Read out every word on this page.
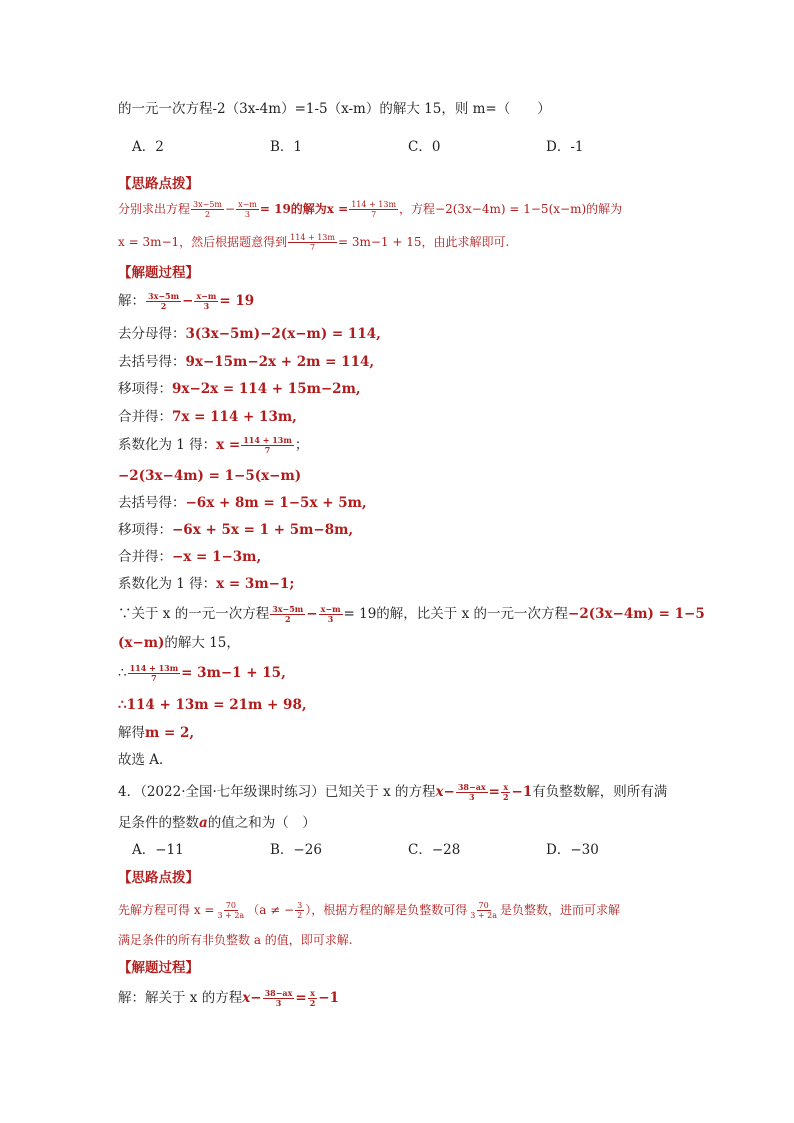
的一元一次方程-2（3x-4m）=1-5（x-m）的解大 15，则 m=（　　）
A．2	B．1	C．0	D．-1
【思路点拨】
分别求出方程 $\frac{3x-5m}{2} - \frac{x-m}{3} = 19$的解为$x = \frac{114 + 13m}{7}$ ，方程−2(3x−4m) = 1−5(x−m)的解为
x = 3m−1，然后根据题意得到 $\frac{114 + 13m}{7} = 3m-1 + 15$，由此求解即可.
【解题过程】
解： $\frac{3x-5m}{2} - \frac{x-m}{3} = 19$
去分母得：3(3x−5m)−2(x−m) = 114,
去括号得：9x−15m−2x + 2m = 114,
移项得：9x−2x = 114 + 15m−2m,
合并得：7x = 114 + 13m,
系数化为 1 得：$x = \frac{114 + 13m}{7}$ ；
−2(3x−4m) = 1−5(x−m)
去括号得：−6x + 8m = 1−5x + 5m,
移项得：−6x + 5x = 1 + 5m−8m,
合并得：−x = 1−3m,
系数化为 1 得：x = 3m−1;
∵关于 x 的一元一次方程 $\frac{3x-5m}{2} - \frac{x-m}{3} = 19$的解，比关于 x 的一元一次方程−2(3x−4m) = 1−5
(x−m)的解大 15，
∴ $\frac{114 + 13m}{7} = 3m-1 + 15$,
∴114 + 13m = 21m + 98,
解得m = 2,
故选 A．
4．（2022·全国·七年级课时练习）已知关于 x 的方程$x- \frac{38-ax}{3} = \frac{x}{2} -1$有负整数解，则所有满
足条件的整数a的值之和为（　）
A．−11	B．−26	C．−28	D．−30
【思路点拨】
先解方程可得 $x = \frac{70}{3 + 2a} (a$ ≠ − $\frac{3}{2}$ ），根据方程的解是负整数可得 $\frac{70}{3 + 2a}$ 是负整数，进而可求解
满足条件的所有非负整数 a 的值，即可求解.
【解题过程】
解：解关于 x 的方程$x- \frac{38-ax}{3} = \frac{x}{2} -1$
